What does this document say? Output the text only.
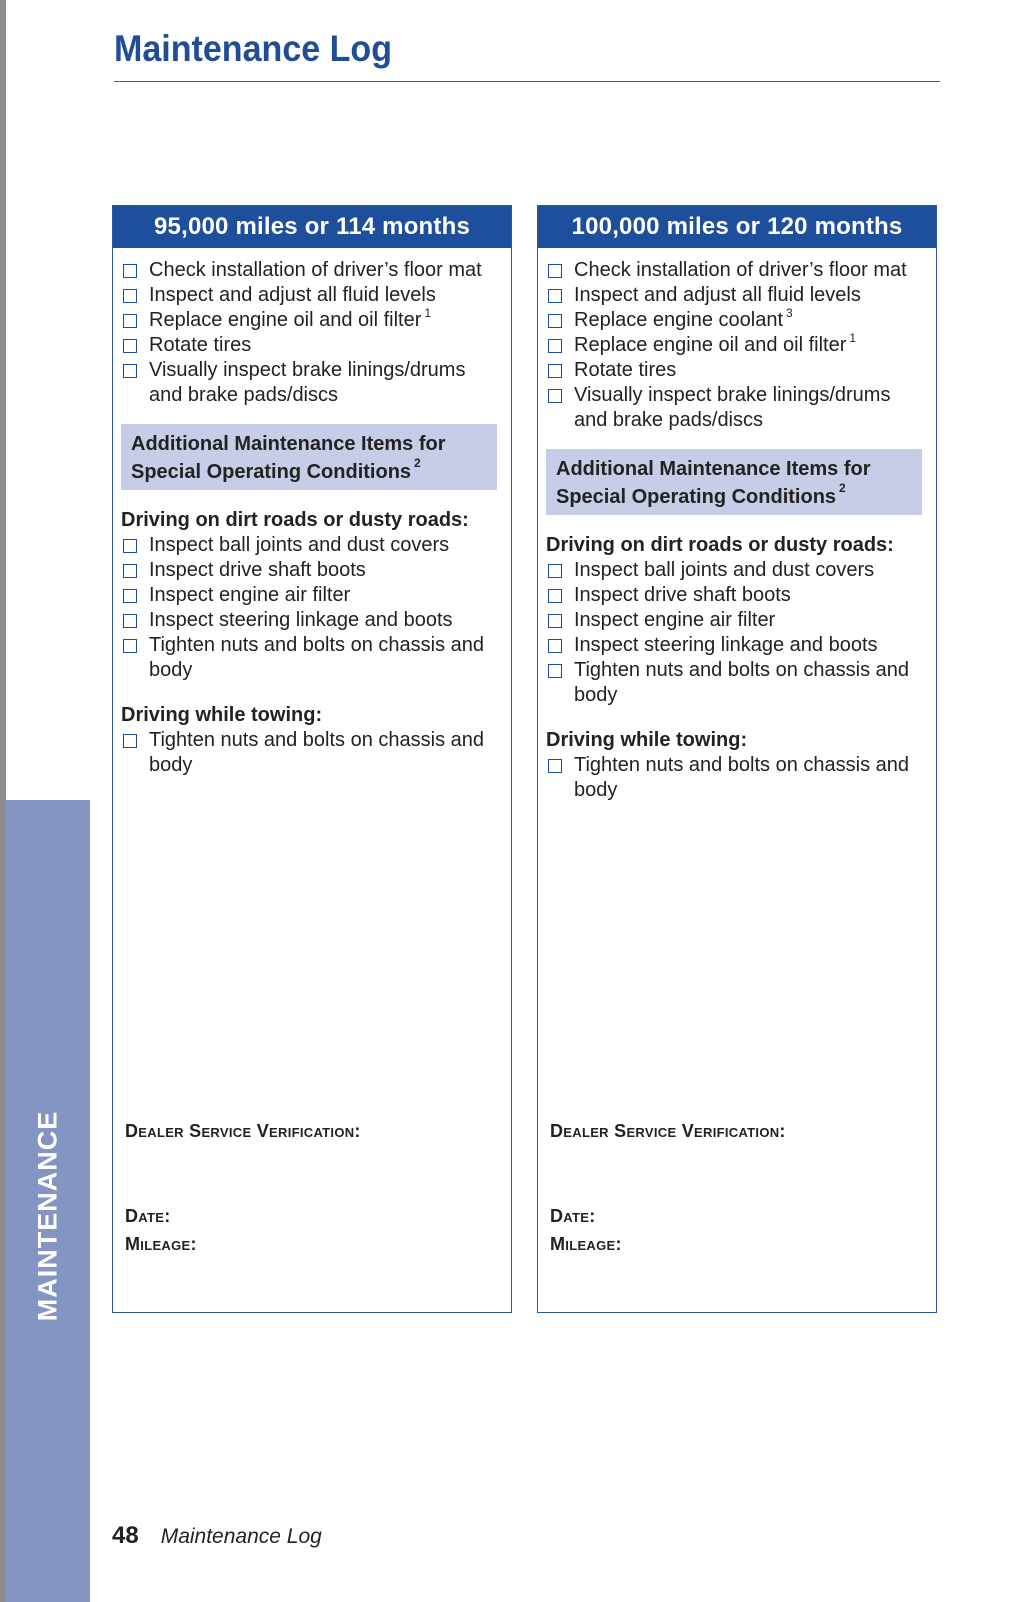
MAINTENANCE
Maintenance Log
95,000 miles or 114 months
Check installation of driver’s floor mat
Inspect and adjust all fluid levels
Replace engine oil and oil filter $^1$
Rotate tires
Visually inspect brake linings/drums and brake pads/discs
Additional Maintenance Items for
Special Operating Conditions $^2$

Driving on dirt roads or dusty roads:

Inspect ball joints and dust covers
Inspect drive shaft boots
Inspect engine air filter
Inspect steering linkage and boots
Tighten nuts and bolts on chassis and body

Driving while towing:

Tighten nuts and bolts on chassis and body
Dealer Service Verification:
Date:
Mileage:
100,000 miles or 120 months
Check installation of driver’s floor mat
Inspect and adjust all fluid levels
Replace engine coolant $^3$
Replace engine oil and oil filter $^1$
Rotate tires
Visually inspect brake linings/drums and brake pads/discs
Additional Maintenance Items for
Special Operating Conditions $^2$

Driving on dirt roads or dusty roads:

Inspect ball joints and dust covers
Inspect drive shaft boots
Inspect engine air filter
Inspect steering linkage and boots
Tighten nuts and bolts on chassis and body

Driving while towing:

Tighten nuts and bolts on chassis and body
Dealer Service Verification:
Date:
Mileage:
48 Maintenance Log
